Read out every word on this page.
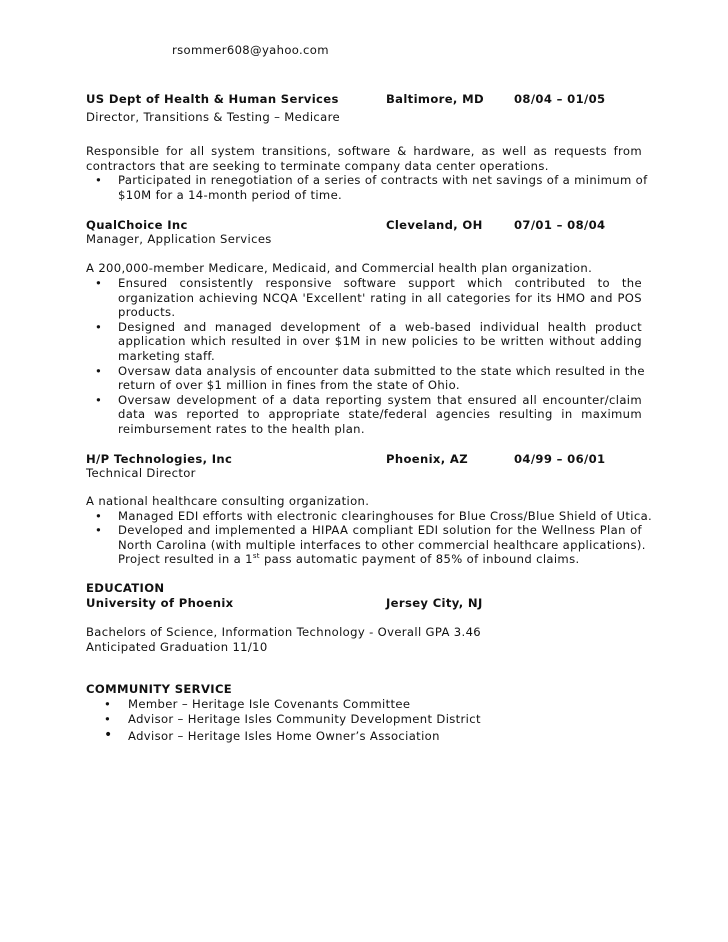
rsommer608@yahoo.com
US Dept of Health & Human Services	Baltimore, MD	08/04 – 01/05
Director, Transitions & Testing – Medicare
Responsible for all system transitions, software & hardware, as well as requests from
contractors that are seeking to terminate company data center operations.
• Participated in renegotiation of a series of contracts with net savings of a minimum of
$10M for a 14-month period of time.
QualChoice Inc	Cleveland, OH	07/01 – 08/04
Manager, Application Services
A 200,000-member Medicare, Medicaid, and Commercial health plan organization.
• Ensured consistently responsive software support which contributed to the
organization achieving NCQA 'Excellent' rating in all categories for its HMO and POS
products.
• Designed and managed development of a web-based individual health product
application which resulted in over $1M in new policies to be written without adding
marketing staff.
• Oversaw data analysis of encounter data submitted to the state which resulted in the
return of over $1 million in fines from the state of Ohio.
• Oversaw development of a data reporting system that ensured all encounter/claim
data was reported to appropriate state/federal agencies resulting in maximum
reimbursement rates to the health plan.
H/P Technologies, Inc	Phoenix, AZ	04/99 – 06/01
Technical Director
A national healthcare consulting organization.
• Managed EDI efforts with electronic clearinghouses for Blue Cross/Blue Shield of Utica.
• Developed and implemented a HIPAA compliant EDI solution for the Wellness Plan of
North Carolina (with multiple interfaces to other commercial healthcare applications).
Project resulted in a 1st pass automatic payment of 85% of inbound claims.
EDUCATION
University of Phoenix	Jersey City, NJ
Bachelors of Science, Information Technology - Overall GPA 3.46
Anticipated Graduation 11/10
COMMUNITY SERVICE
• Member – Heritage Isle Covenants Committee
• Advisor – Heritage Isles Community Development District
• Advisor – Heritage Isles Home Owner’s Association
